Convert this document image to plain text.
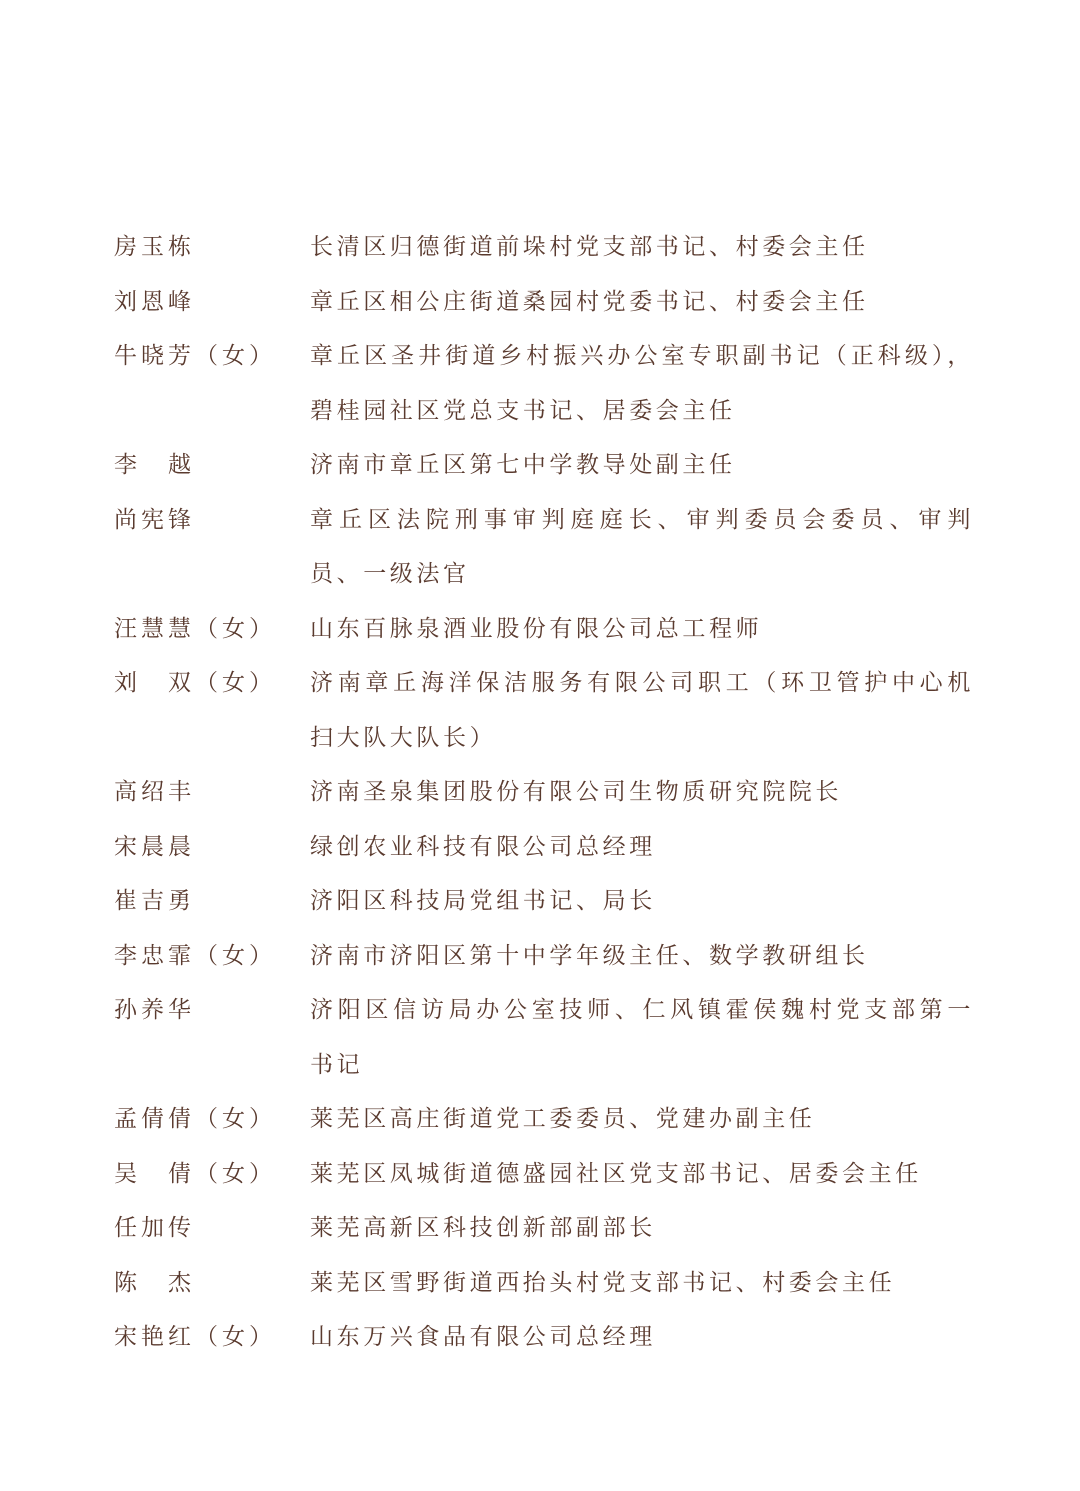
房玉栋	长清区归德街道前垛村党支部书记、村委会主任
刘恩峰	章丘区相公庄街道桑园村党委书记、村委会主任
牛晓芳（女）	章丘区圣井街道乡村振兴办公室专职副书记（正科级），碧桂园社区党总支书记、居委会主任
李　越	济南市章丘区第七中学教导处副主任
尚宪锋	章丘区法院刑事审判庭庭长、审判委员会委员、审判员、一级法官
汪慧慧（女）	山东百脉泉酒业股份有限公司总工程师
刘　双（女）	济南章丘海洋保洁服务有限公司职工（环卫管护中心机扫大队大队长）
高绍丰	济南圣泉集团股份有限公司生物质研究院院长
宋晨晨	绿创农业科技有限公司总经理
崔吉勇	济阳区科技局党组书记、局长
李忠霏（女）	济南市济阳区第十中学年级主任、数学教研组长
孙养华	济阳区信访局办公室技师、仁风镇霍侯魏村党支部第一书记
孟倩倩（女）	莱芜区高庄街道党工委委员、党建办副主任
吴　倩（女）	莱芜区凤城街道德盛园社区党支部书记、居委会主任
任加传	莱芜高新区科技创新部副部长
陈　杰	莱芜区雪野街道西抬头村党支部书记、村委会主任
宋艳红（女）	山东万兴食品有限公司总经理
